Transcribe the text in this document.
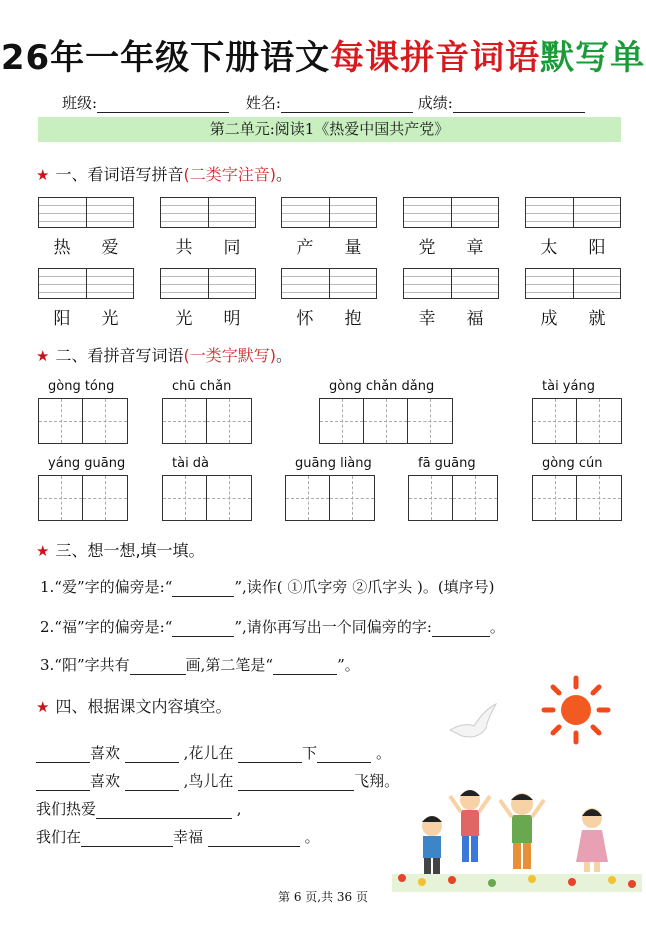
26年一年级下册语文每课拼音词语默写单
班级:	姓名:	成绩:
第二单元:阅读1《热爱中国共产党》
★ 一、看词语写拼音(二类字注音)。
热 爱	共 同	产 量	党 章	太 阳
阳 光	光 明	怀 抱	幸 福	成 就
★ 二、看拼音写词语(一类字默写)。
gòng tóng	chū chǎn	gòng chǎn dǎng	tài yáng
yáng guāng	tài dà	guāng liàng	fā guāng	gòng cún
★ 三、想一想,填一填。
1.“爱”字的偏旁是:“	”,读作( ①爪字旁 ②爪字头 )。(填序号)
2.“福”字的偏旁是:“	”,请你再写出一个同偏旁的字:	。
3.“阳”字共有	画,第二笔是“	”。
★ 四、根据课文内容填空。
喜欢	,花儿在	下	。
喜欢	,鸟儿在	飞翔。
我们热爱	,
我们在	幸福	。
第 6 页,共 36 页
